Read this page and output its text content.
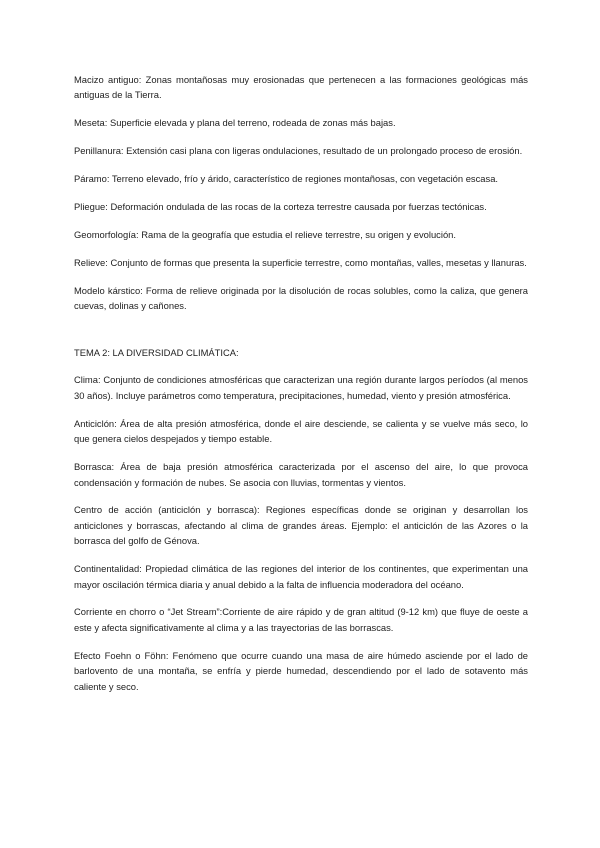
Macizo antiguo: Zonas montañosas muy erosionadas que pertenecen a las formaciones geológicas más antiguas de la Tierra.

Meseta: Superficie elevada y plana del terreno, rodeada de zonas más bajas.

Penillanura: Extensión casi plana con ligeras ondulaciones, resultado de un prolongado proceso de erosión.

Páramo: Terreno elevado, frío y árido, característico de regiones montañosas, con vegetación escasa.

Pliegue: Deformación ondulada de las rocas de la corteza terrestre causada por fuerzas tectónicas.

Geomorfología: Rama de la geografía que estudia el relieve terrestre, su origen y evolución.

Relieve: Conjunto de formas que presenta la superficie terrestre, como montañas, valles, mesetas y llanuras.

Modelo kárstico: Forma de relieve originada por la disolución de rocas solubles, como la caliza, que genera cuevas, dolinas y cañones.

TEMA 2: LA DIVERSIDAD CLIMÁTICA:

Clima: Conjunto de condiciones atmosféricas que caracterizan una región durante largos períodos (al menos 30 años). Incluye parámetros como temperatura, precipitaciones, humedad, viento y presión atmosférica.

Anticiclón: Área de alta presión atmosférica, donde el aire desciende, se calienta y se vuelve más seco, lo que genera cielos despejados y tiempo estable.

Borrasca: Área de baja presión atmosférica caracterizada por el ascenso del aire, lo que provoca condensación y formación de nubes. Se asocia con lluvias, tormentas y vientos.

Centro de acción (anticiclón y borrasca): Regiones específicas donde se originan y desarrollan los anticiclones y borrascas, afectando al clima de grandes áreas. Ejemplo: el anticiclón de las Azores o la borrasca del golfo de Génova.

Continentalidad: Propiedad climática de las regiones del interior de los continentes, que experimentan una mayor oscilación térmica diaria y anual debido a la falta de influencia moderadora del océano.

Corriente en chorro o “Jet Stream”:Corriente de aire rápido y de gran altitud (9-12 km) que fluye de oeste a este y afecta significativamente al clima y a las trayectorias de las borrascas.

Efecto Foehn o Föhn: Fenómeno que ocurre cuando una masa de aire húmedo asciende por el lado de barlovento de una montaña, se enfría y pierde humedad, descendiendo por el lado de sotavento más caliente y seco.
